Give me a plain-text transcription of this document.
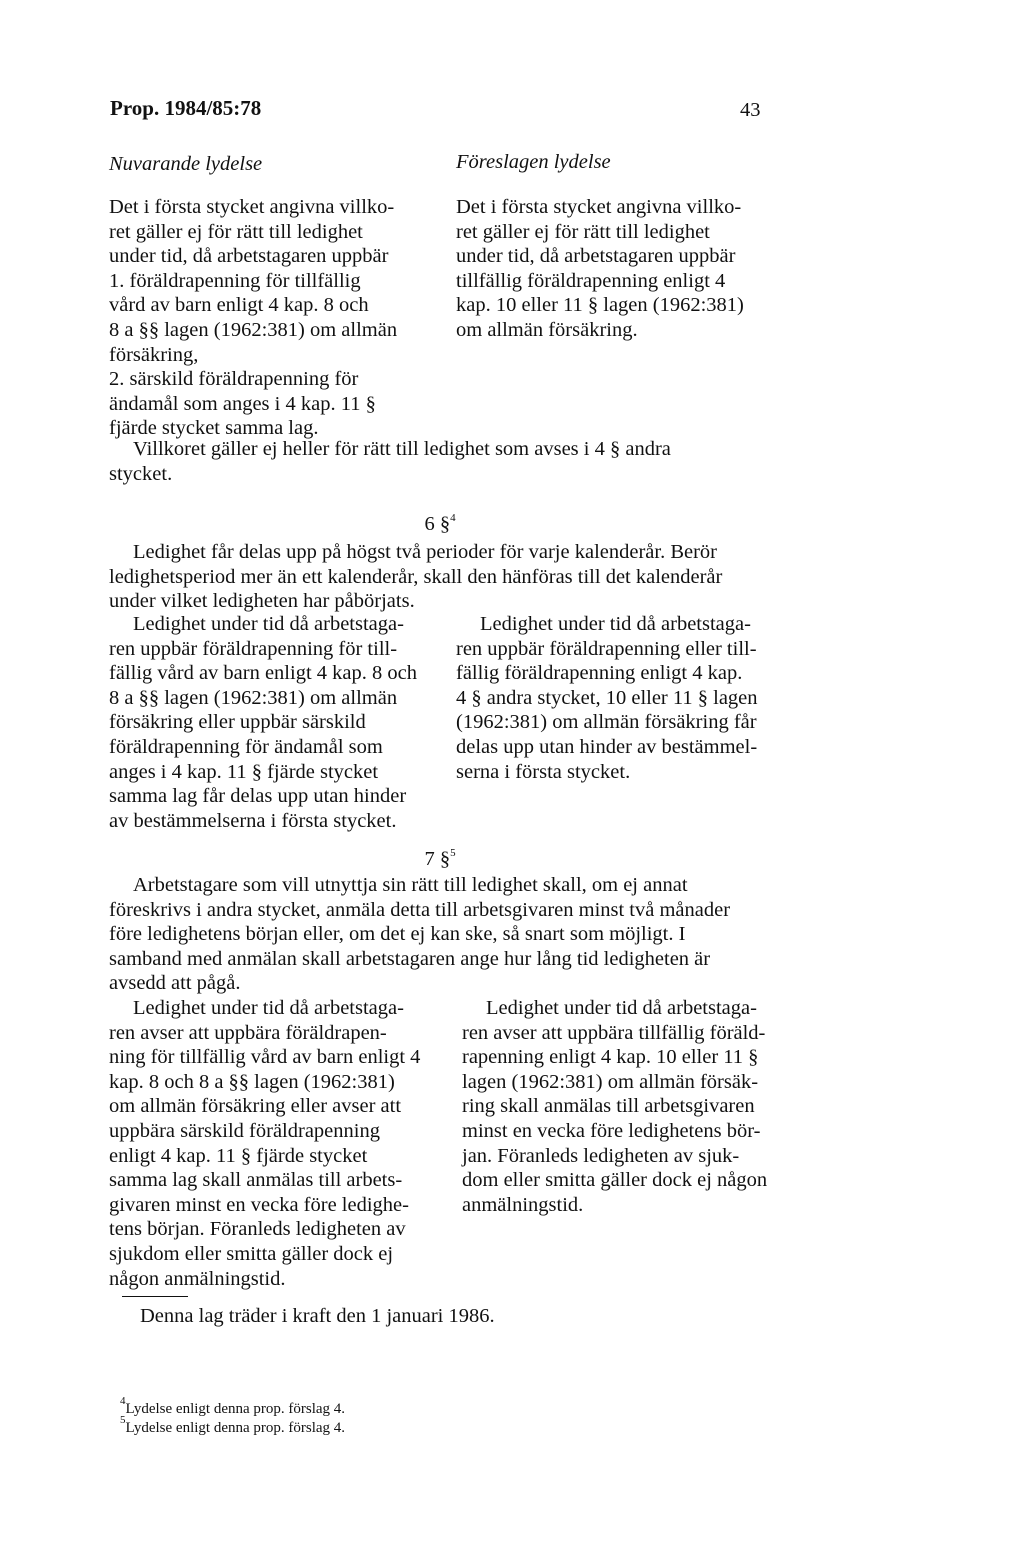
Prop. 1984/85:78	43
Nuvarande lydelse	Föreslagen lydelse

Det i första stycket angivna villko-

ret gäller ej för rätt till ledighet

under tid, då arbetstagaren uppbär

1. föräldrapenning för tillfällig

vård av barn enligt 4 kap. 8 och

8 a §§ lagen (1962:381) om allmän

försäkring,

2. särskild föräldrapenning för

ändamål som anges i 4 kap. 11 §

fjärde stycket samma lag.

Det i första stycket angivna villko-

ret gäller ej för rätt till ledighet

under tid, då arbetstagaren uppbär

tillfällig föräldrapenning enligt 4

kap. 10 eller 11 § lagen (1962:381)

om allmän försäkring.

Villkoret gäller ej heller för rätt till ledighet som avses i 4 § andra

stycket.

6 §$^4$

Ledighet får delas upp på högst två perioder för varje kalenderår. Berör

ledighetsperiod mer än ett kalenderår, skall den hänföras till det kalenderår

under vilket ledigheten har påbörjats.

Ledighet under tid då arbetstaga-

ren uppbär föräldrapenning för till-

fällig vård av barn enligt 4 kap. 8 och

8 a §§ lagen (1962:381) om allmän

försäkring eller uppbär särskild

föräldrapenning för ändamål som

anges i 4 kap. 11 § fjärde stycket

samma lag får delas upp utan hinder

av bestämmelserna i första stycket.

Ledighet under tid då arbetstaga-

ren uppbär föräldrapenning eller till-

fällig föräldrapenning enligt 4 kap.

4 § andra stycket, 10 eller 11 § lagen

(1962:381) om allmän försäkring får

delas upp utan hinder av bestämmel-

serna i första stycket.

7 §$^5$

Arbetstagare som vill utnyttja sin rätt till ledighet skall, om ej annat

föreskrivs i andra stycket, anmäla detta till arbetsgivaren minst två månader

före ledighetens början eller, om det ej kan ske, så snart som möjligt. I

samband med anmälan skall arbetstagaren ange hur lång tid ledigheten är

avsedd att pågå.

Ledighet under tid då arbetstaga-

ren avser att uppbära föräldrapen-

ning för tillfällig vård av barn enligt 4

kap. 8 och 8 a §§ lagen (1962:381)

om allmän försäkring eller avser att

uppbära särskild föräldrapenning

enligt 4 kap. 11 § fjärde stycket

samma lag skall anmälas till arbets-

givaren minst en vecka före ledighe-

tens början. Föranleds ledigheten av

sjukdom eller smitta gäller dock ej

någon anmälningstid.

Ledighet under tid då arbetstaga-

ren avser att uppbära tillfällig föräld-

rapenning enligt 4 kap. 10 eller 11 §

lagen (1962:381) om allmän försäk-

ring skall anmälas till arbetsgivaren

minst en vecka före ledighetens bör-

jan. Föranleds ledigheten av sjuk-

dom eller smitta gäller dock ej någon

anmälningstid.

Denna lag träder i kraft den 1 januari 1986.
$^4$Lydelse enligt denna prop. förslag 4.
$^5$Lydelse enligt denna prop. förslag 4.
